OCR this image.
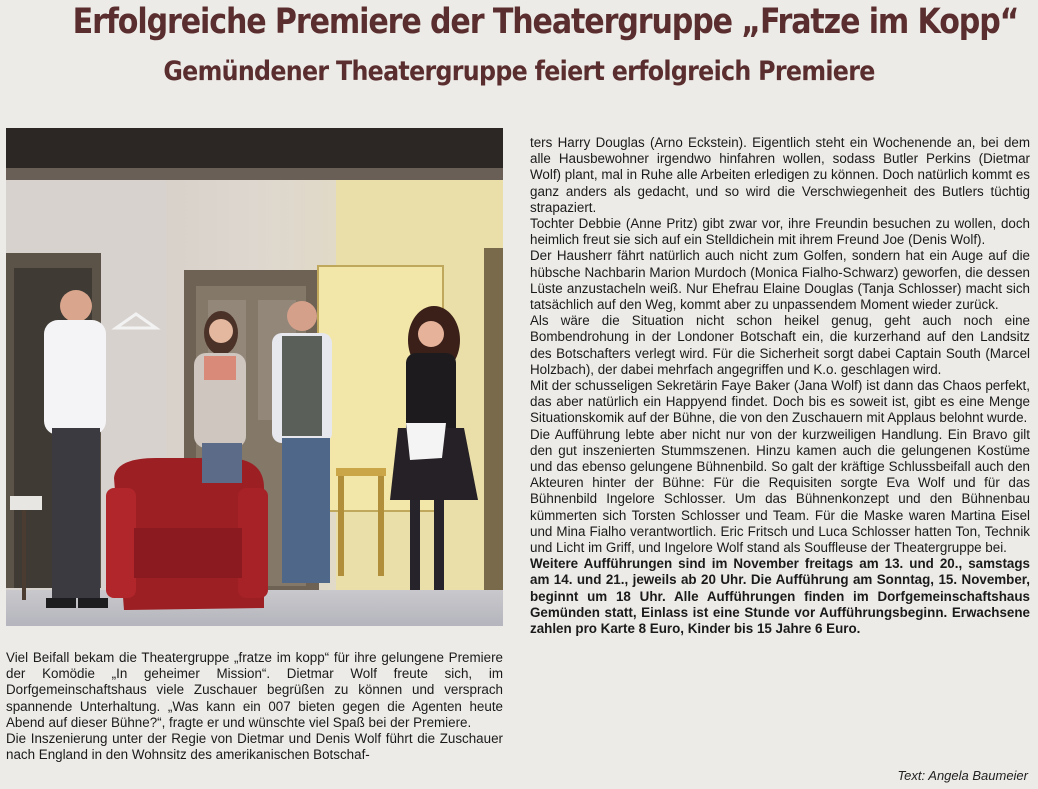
Erfolgreiche Premiere der Theatergruppe „Fratze im Kopp“
Gemündener Theatergruppe feiert erfolgreich Premiere

Viel Beifall bekam die Theatergruppe „fratze im kopp“ für ihre gelungene Premiere der Komödie „In geheimer Mission“. Dietmar Wolf freute sich, im Dorfgemeinschaftshaus viele Zuschauer begrüßen zu können und versprach spannende Unterhaltung. „Was kann ein 007 bieten gegen die Agenten heute Abend auf dieser Bühne?“, fragte er und wünschte viel Spaß bei der Premiere.

Die Inszenierung unter der Regie von Dietmar und Denis Wolf führt die Zuschauer nach England in den Wohnsitz des amerikanischen Botschaf-

ters Harry Douglas (Arno Eckstein). Eigentlich steht ein Wochenende an, bei dem alle Hausbewohner irgendwo hinfahren wollen, sodass Butler Perkins (Dietmar Wolf) plant, mal in Ruhe alle Arbeiten erledigen zu können. Doch natürlich kommt es ganz anders als gedacht, und so wird die Verschwiegenheit des Butlers tüchtig strapaziert.

Tochter Debbie (Anne Pritz) gibt zwar vor, ihre Freundin besuchen zu wollen, doch heimlich freut sie sich auf ein Stelldichein mit ihrem Freund Joe (Denis Wolf).

Der Hausherr fährt natürlich auch nicht zum Golfen, sondern hat ein Auge auf die hübsche Nachbarin Marion Murdoch (Monica Fialho-Schwarz) geworfen, die dessen Lüste anzustacheln weiß. Nur Ehefrau Elaine Douglas (Tanja Schlosser) macht sich tatsächlich auf den Weg, kommt aber zu unpassendem Moment wieder zurück.

Als wäre die Situation nicht schon heikel genug, geht auch noch eine Bombendrohung in der Londoner Botschaft ein, die kurzerhand auf den Landsitz des Botschafters verlegt wird. Für die Sicherheit sorgt dabei Captain South (Marcel Holzbach), der dabei mehrfach angegriffen und K.o. geschlagen wird.

Mit der schusseligen Sekretärin Faye Baker (Jana Wolf) ist dann das Chaos perfekt, das aber natürlich ein Happyend findet. Doch bis es soweit ist, gibt es eine Menge Situationskomik auf der Bühne, die von den Zuschauern mit Applaus belohnt wurde.

Die Aufführung lebte aber nicht nur von der kurzweiligen Handlung. Ein Bravo gilt den gut inszenierten Stummszenen. Hinzu kamen auch die gelungenen Kostüme und das ebenso gelungene Bühnenbild. So galt der kräftige Schlussbeifall auch den Akteuren hinter der Bühne: Für die Requisiten sorgte Eva Wolf und für das Bühnenbild Ingelore Schlosser. Um das Bühnenkonzept und den Bühnenbau kümmerten sich Torsten Schlosser und Team. Für die Maske waren Martina Eisel und Mina Fialho verantwortlich. Eric Fritsch und Luca Schlosser hatten Ton, Technik und Licht im Griff, und Ingelore Wolf stand als Souffleuse der Theatergruppe bei.

Weitere Aufführungen sind im November freitags am 13. und 20., samstags am 14. und 21., jeweils ab 20 Uhr. Die Aufführung am Sonntag, 15. November, beginnt um 18 Uhr. Alle Aufführungen finden im Dorfgemeinschaftshaus Gemünden statt, Einlass ist eine Stunde vor Aufführungsbeginn. Erwachsene zahlen pro Karte 8 Euro, Kinder bis 15 Jahre 6 Euro.

Text: Angela Baumeier
